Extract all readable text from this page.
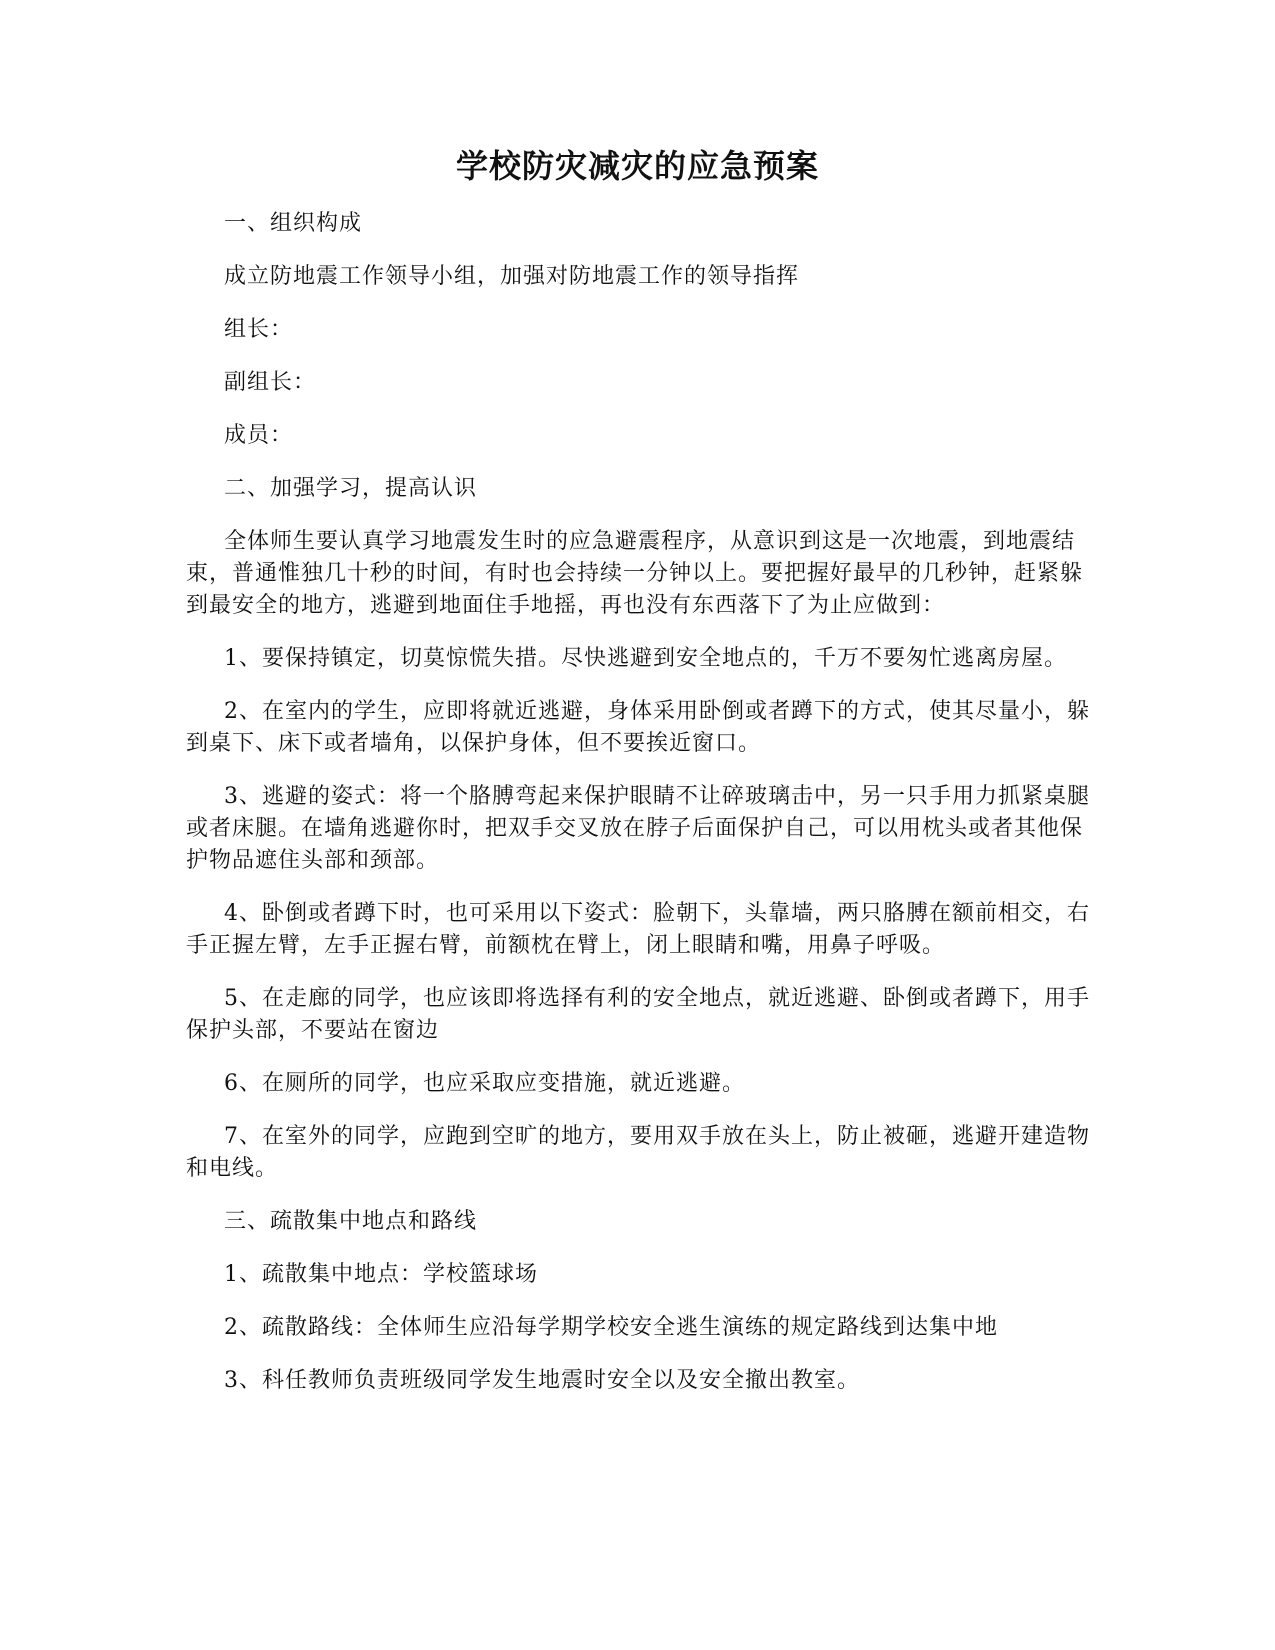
学校防灾减灾的应急预案

一、组织构成

成立防地震工作领导小组，加强对防地震工作的领导指挥

组长：

副组长：

成员：

二、加强学习，提高认识

全体师生要认真学习地震发生时的应急避震程序，从意识到这是一次地震，到地震结束，普通惟独几十秒的时间，有时也会持续一分钟以上。要把握好最早的几秒钟，赶紧躲到最安全的地方，逃避到地面住手地摇，再也没有东西落下了为止应做到：

1、要保持镇定，切莫惊慌失措。尽快逃避到安全地点的，千万不要匆忙逃离房屋。

2、在室内的学生，应即将就近逃避，身体采用卧倒或者蹲下的方式，使其尽量小，躲到桌下、床下或者墙角，以保护身体，但不要挨近窗口。

3、逃避的姿式：将一个胳膊弯起来保护眼睛不让碎玻璃击中，另一只手用力抓紧桌腿或者床腿。在墙角逃避你时，把双手交叉放在脖子后面保护自己，可以用枕头或者其他保护物品遮住头部和颈部。

4、卧倒或者蹲下时，也可采用以下姿式：脸朝下，头靠墙，两只胳膊在额前相交，右手正握左臂，左手正握右臂，前额枕在臂上，闭上眼睛和嘴，用鼻子呼吸。

5、在走廊的同学，也应该即将选择有利的安全地点，就近逃避、卧倒或者蹲下，用手保护头部，不要站在窗边

6、在厕所的同学，也应采取应变措施，就近逃避。

7、在室外的同学，应跑到空旷的地方，要用双手放在头上，防止被砸，逃避开建造物和电线。

三、疏散集中地点和路线

1、疏散集中地点：学校篮球场

2、疏散路线：全体师生应沿每学期学校安全逃生演练的规定路线到达集中地

3、科任教师负责班级同学发生地震时安全以及安全撤出教室。
